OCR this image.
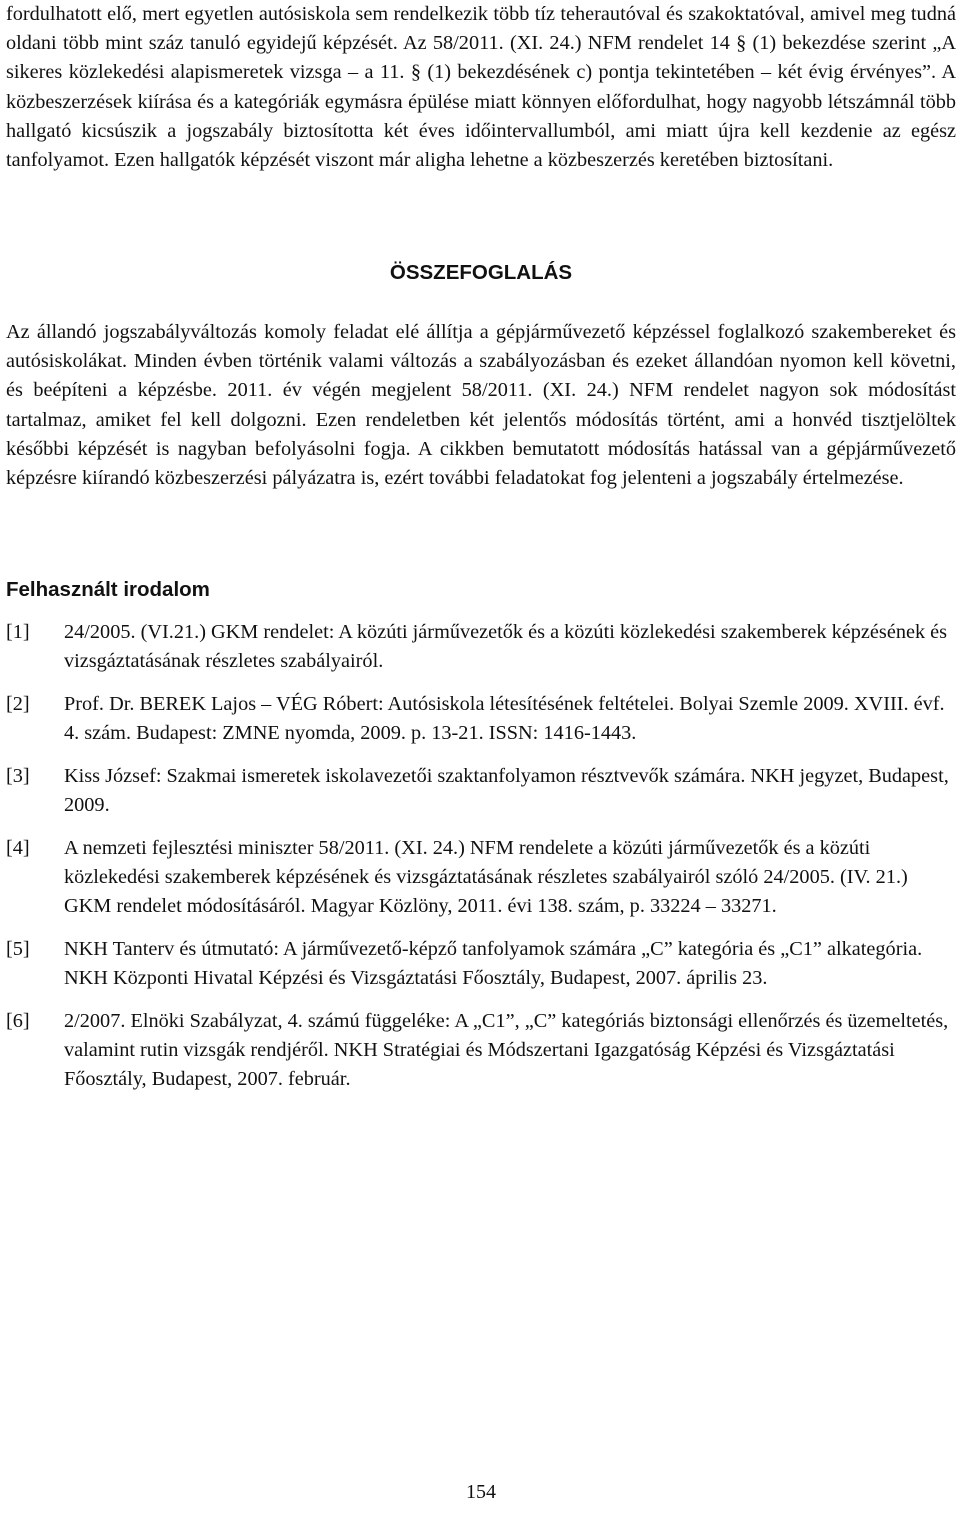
fordulhatott elő, mert egyetlen autósiskola sem rendelkezik több tíz teherautóval és szakoktatóval, amivel meg tudná oldani több mint száz tanuló egyidejű képzését. Az 58/2011. (XI. 24.) NFM rendelet 14 § (1) bekezdése szerint „A sikeres közlekedési alapismeretek vizsga – a 11. § (1) bekezdésének c) pontja tekintetében – két évig érvényes”. A közbeszerzések kiírása és a kategóriák egymásra épülése miatt könnyen előfordulhat, hogy nagyobb létszámnál több hallgató kicsúszik a jogszabály biztosította két éves időintervallumból, ami miatt újra kell kezdenie az egész tanfolyamot. Ezen hallgatók képzését viszont már aligha lehetne a közbeszerzés keretében biztosítani.

ÖSSZEFOGLALÁS

Az állandó jogszabályváltozás komoly feladat elé állítja a gépjárművezető képzéssel foglalkozó szakembereket és autósiskolákat. Minden évben történik valami változás a szabályozásban és ezeket állandóan nyomon kell követni, és beépíteni a képzésbe. 2011. év végén megjelent 58/2011. (XI. 24.) NFM rendelet nagyon sok módosítást tartalmaz, amiket fel kell dolgozni. Ezen rendeletben két jelentős módosítás történt, ami a honvéd tisztjelöltek későbbi képzését is nagyban befolyásolni fogja. A cikkben bemutatott módosítás hatással van a gépjárművezető képzésre kiírandó közbeszerzési pályázatra is, ezért további feladatokat fog jelenteni a jogszabály értelmezése.

Felhasznált irodalom
[1] 24/2005. (VI.21.) GKM rendelet: A közúti járművezetők és a közúti közlekedési szakemberek képzésének és vizsgáztatásának részletes szabályairól.
[2] Prof. Dr. BEREK Lajos – VÉG Róbert: Autósiskola létesítésének feltételei. Bolyai Szemle 2009. XVIII. évf. 4. szám. Budapest: ZMNE nyomda, 2009. p. 13-21. ISSN: 1416-1443.
[3] Kiss József: Szakmai ismeretek iskolavezetői szaktanfolyamon résztvevők számára. NKH jegyzet, Budapest, 2009.
[4] A nemzeti fejlesztési miniszter 58/2011. (XI. 24.) NFM rendelete a közúti járművezetők és a közúti közlekedési szakemberek képzésének és vizsgáztatásának részletes szabályairól szóló 24/2005. (IV. 21.) GKM rendelet módosításáról. Magyar Közlöny, 2011. évi 138. szám, p. 33224 – 33271.
[5] NKH Tanterv és útmutató: A járművezető-képző tanfolyamok számára „C” kategória és „C1” alkategória. NKH Központi Hivatal Képzési és Vizsgáztatási Főosztály, Budapest, 2007. április 23.
[6] 2/2007. Elnöki Szabályzat, 4. számú függeléke: A „C1”, „C” kategóriás biztonsági ellenőrzés és üzemeltetés, valamint rutin vizsgák rendjéről. NKH Stratégiai és Módszertani Igazgatóság Képzési és Vizsgáztatási Főosztály, Budapest, 2007. február.

154
